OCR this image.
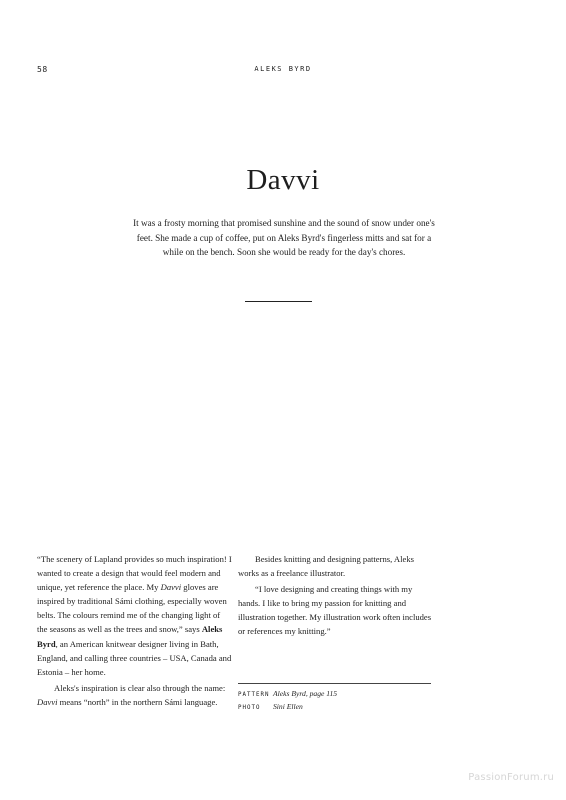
58	ALEKS BYRD
Davvi

It was a frosty morning that promised sunshine and the sound of snow under one's feet. She made a cup of coffee, put on Aleks Byrd's fingerless mitts and sat for a while on the bench. Soon she would be ready for the day's chores.

“The scenery of Lapland provides so much inspiration! I wanted to create a design that would feel modern and unique, yet reference the place. My Davvi gloves are inspired by traditional Sámi clothing, especially woven belts. The colours remind me of the changing light of the seasons as well as the trees and snow,” says Aleks Byrd, an American knitwear designer living in Bath, England, and calling three countries – USA, Canada and Estonia – her home.

Aleks's inspiration is clear also through the name: Davvi means “north” in the northern Sámi language.

Besides knitting and designing patterns, Aleks works as a freelance illustrator.

“I love designing and creating things with my hands. I like to bring my passion for knitting and illustration together. My illustration work often includes or references my knitting.”

PATTERN Aleks Byrd, page 115
PHOTO	Sini Ellen
PassionForum.ru
